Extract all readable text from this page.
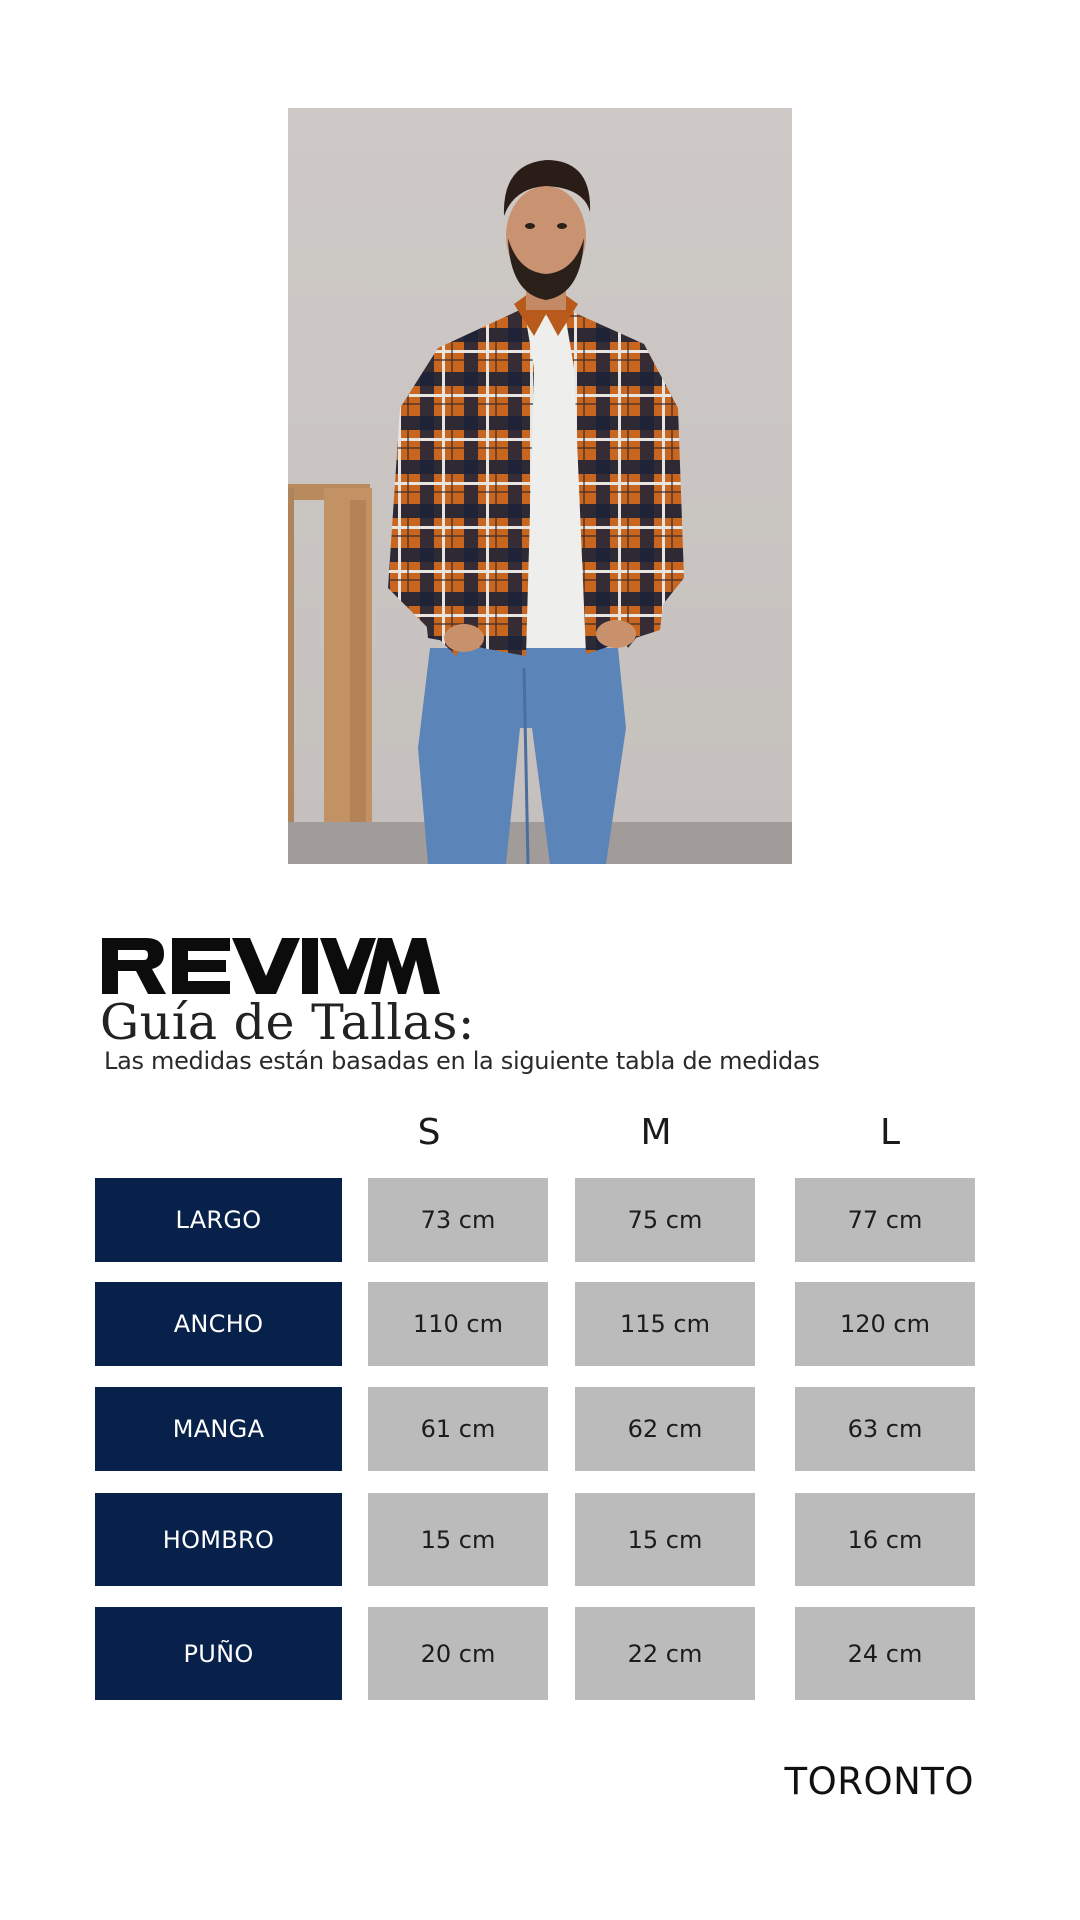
Guía de Tallas:
Las medidas están basadas en la siguiente tabla de medidas
S	M	L
LARGO	73 cm	75 cm	77 cm
ANCHO	110 cm	115 cm	120 cm
MANGA	61 cm	62 cm	63 cm
HOMBRO	15 cm	15 cm	16 cm
PUÑO	20 cm	22 cm	24 cm
TORONTO
